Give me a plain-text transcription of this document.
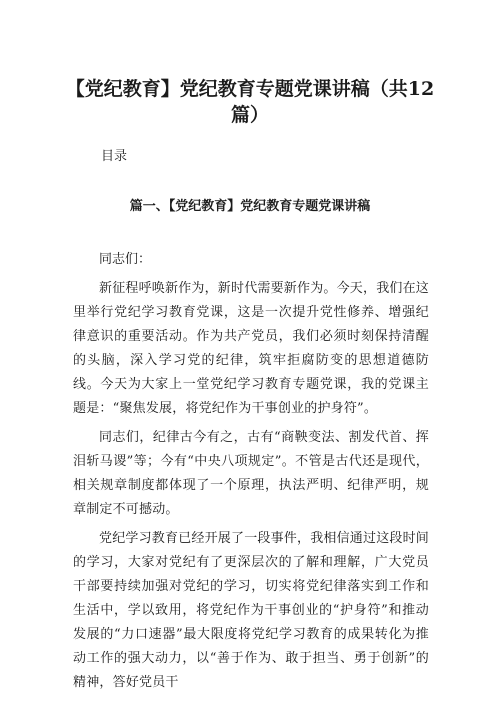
【党纪教育】党纪教育专题党课讲稿（共12篇）
目录
篇一、【党纪教育】党纪教育专题党课讲稿

同志们：

新征程呼唤新作为，新时代需要新作为。今天，我们在这里举行党纪学习教育党课，这是一次提升党性修养、增强纪律意识的重要活动。作为共产党员，我们必须时刻保持清醒的头脑，深入学习党的纪律，筑牢拒腐防变的思想道德防线。今天为大家上一堂党纪学习教育专题党课，我的党课主题是：“聚焦发展，将党纪作为干事创业的护身符”。

同志们，纪律古今有之，古有“商鞅变法、割发代首、挥泪斩马谡”等；今有“中央八项规定”。不管是古代还是现代，相关规章制度都体现了一个原理，执法严明、纪律严明，规章制定不可撼动。

党纪学习教育已经开展了一段事件，我相信通过这段时间的学习，大家对党纪有了更深层次的了解和理解，广大党员干部要持续加强对党纪的学习，切实将党纪律落实到工作和生活中，学以致用，将党纪作为干事创业的“护身符”和推动发展的“力口速器”最大限度将党纪学习教育的成果转化为推动工作的强大动力，以“善于作为、敢于担当、勇于创新”的精神，答好党员干
